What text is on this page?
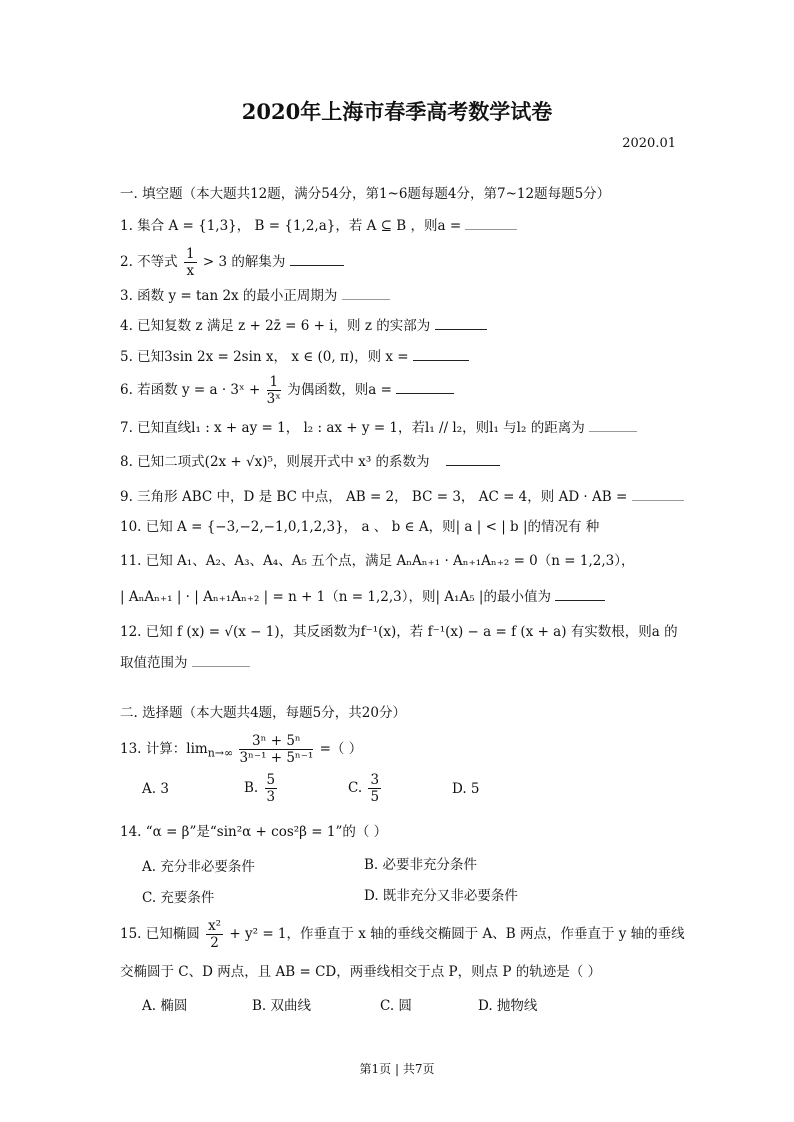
2020年上海市春季高考数学试卷
2020.01
一. 填空题（本大题共12题，满分54分，第1~6题每题4分，第7~12题每题5分）
1. 集合 A = {1,3}， B = {1,2,a}，若 A ⊆ B ，则a =
2. 不等式 $\frac{1}{x} > 3$ 的解集为
3. 函数 y = tan 2x 的最小正周期为
4. 已知复数 z 满足 z + 2z̄ = 6 + i，则 z 的实部为
5. 已知3sin 2x = 2sin x， x ∈ (0, π)，则 x =
6. 若函数 y = a · 3ˣ + $\frac{1}{\text{3ˣ}}$ 为偶函数，则a =
7. 已知直线l₁ : x + ay = 1， l₂ : ax + y = 1，若l₁ // l₂，则l₁ 与l₂ 的距离为
8. 已知二项式(2x + √x)⁵，则展开式中 x³ 的系数为
9. 三角形 ABC 中，D 是 BC 中点， AB = 2， BC = 3， AC = 4，则 AD · AB =
10. 已知 A = {−3,−2,−1,0,1,2,3}， a 、 b ∈ A，则| a | < | b |的情况有 种
11. 已知 A₁、A₂、A₃、A₄、A₅ 五个点，满足 AₙAₙ₊₁ · Aₙ₊₁Aₙ₊₂ = 0（n = 1,2,3），
| AₙAₙ₊₁ | · | Aₙ₊₁Aₙ₊₂ | = n + 1（n = 1,2,3），则| A₁A₅ |的最小值为
12. 已知 f (x) = √(x − 1)，其反函数为f⁻¹(x)，若 f⁻¹(x) − a = f (x + a) 有实数根，则a 的
取值范围为
二. 选择题（本大题共4题，每题5分，共20分）
13. 计算：$\lim_{n\to\infty} \frac{\text{3ⁿ + 5ⁿ}}{\text{3ⁿ⁻¹ + 5ⁿ⁻¹}}$ =（ ）
A. 3	B. $\frac{5}{3}$	C. $\frac{3}{5}$	D. 5
14. “α = β”是“sin²α + cos²β = 1”的（ ）
A. 充分非必要条件	B. 必要非充分条件
C. 充要条件	D. 既非充分又非必要条件
15. 已知椭圆 $\frac{\text{x²}}{2} + y^2 = 1$，作垂直于 x 轴的垂线交椭圆于 A、B 两点，作垂直于 y 轴的垂线
交椭圆于 C、D 两点，且 AB = CD，两垂线相交于点 P，则点 P 的轨迹是（ ）
A. 椭圆	B. 双曲线	C. 圆	D. 抛物线
第1页 | 共7页
